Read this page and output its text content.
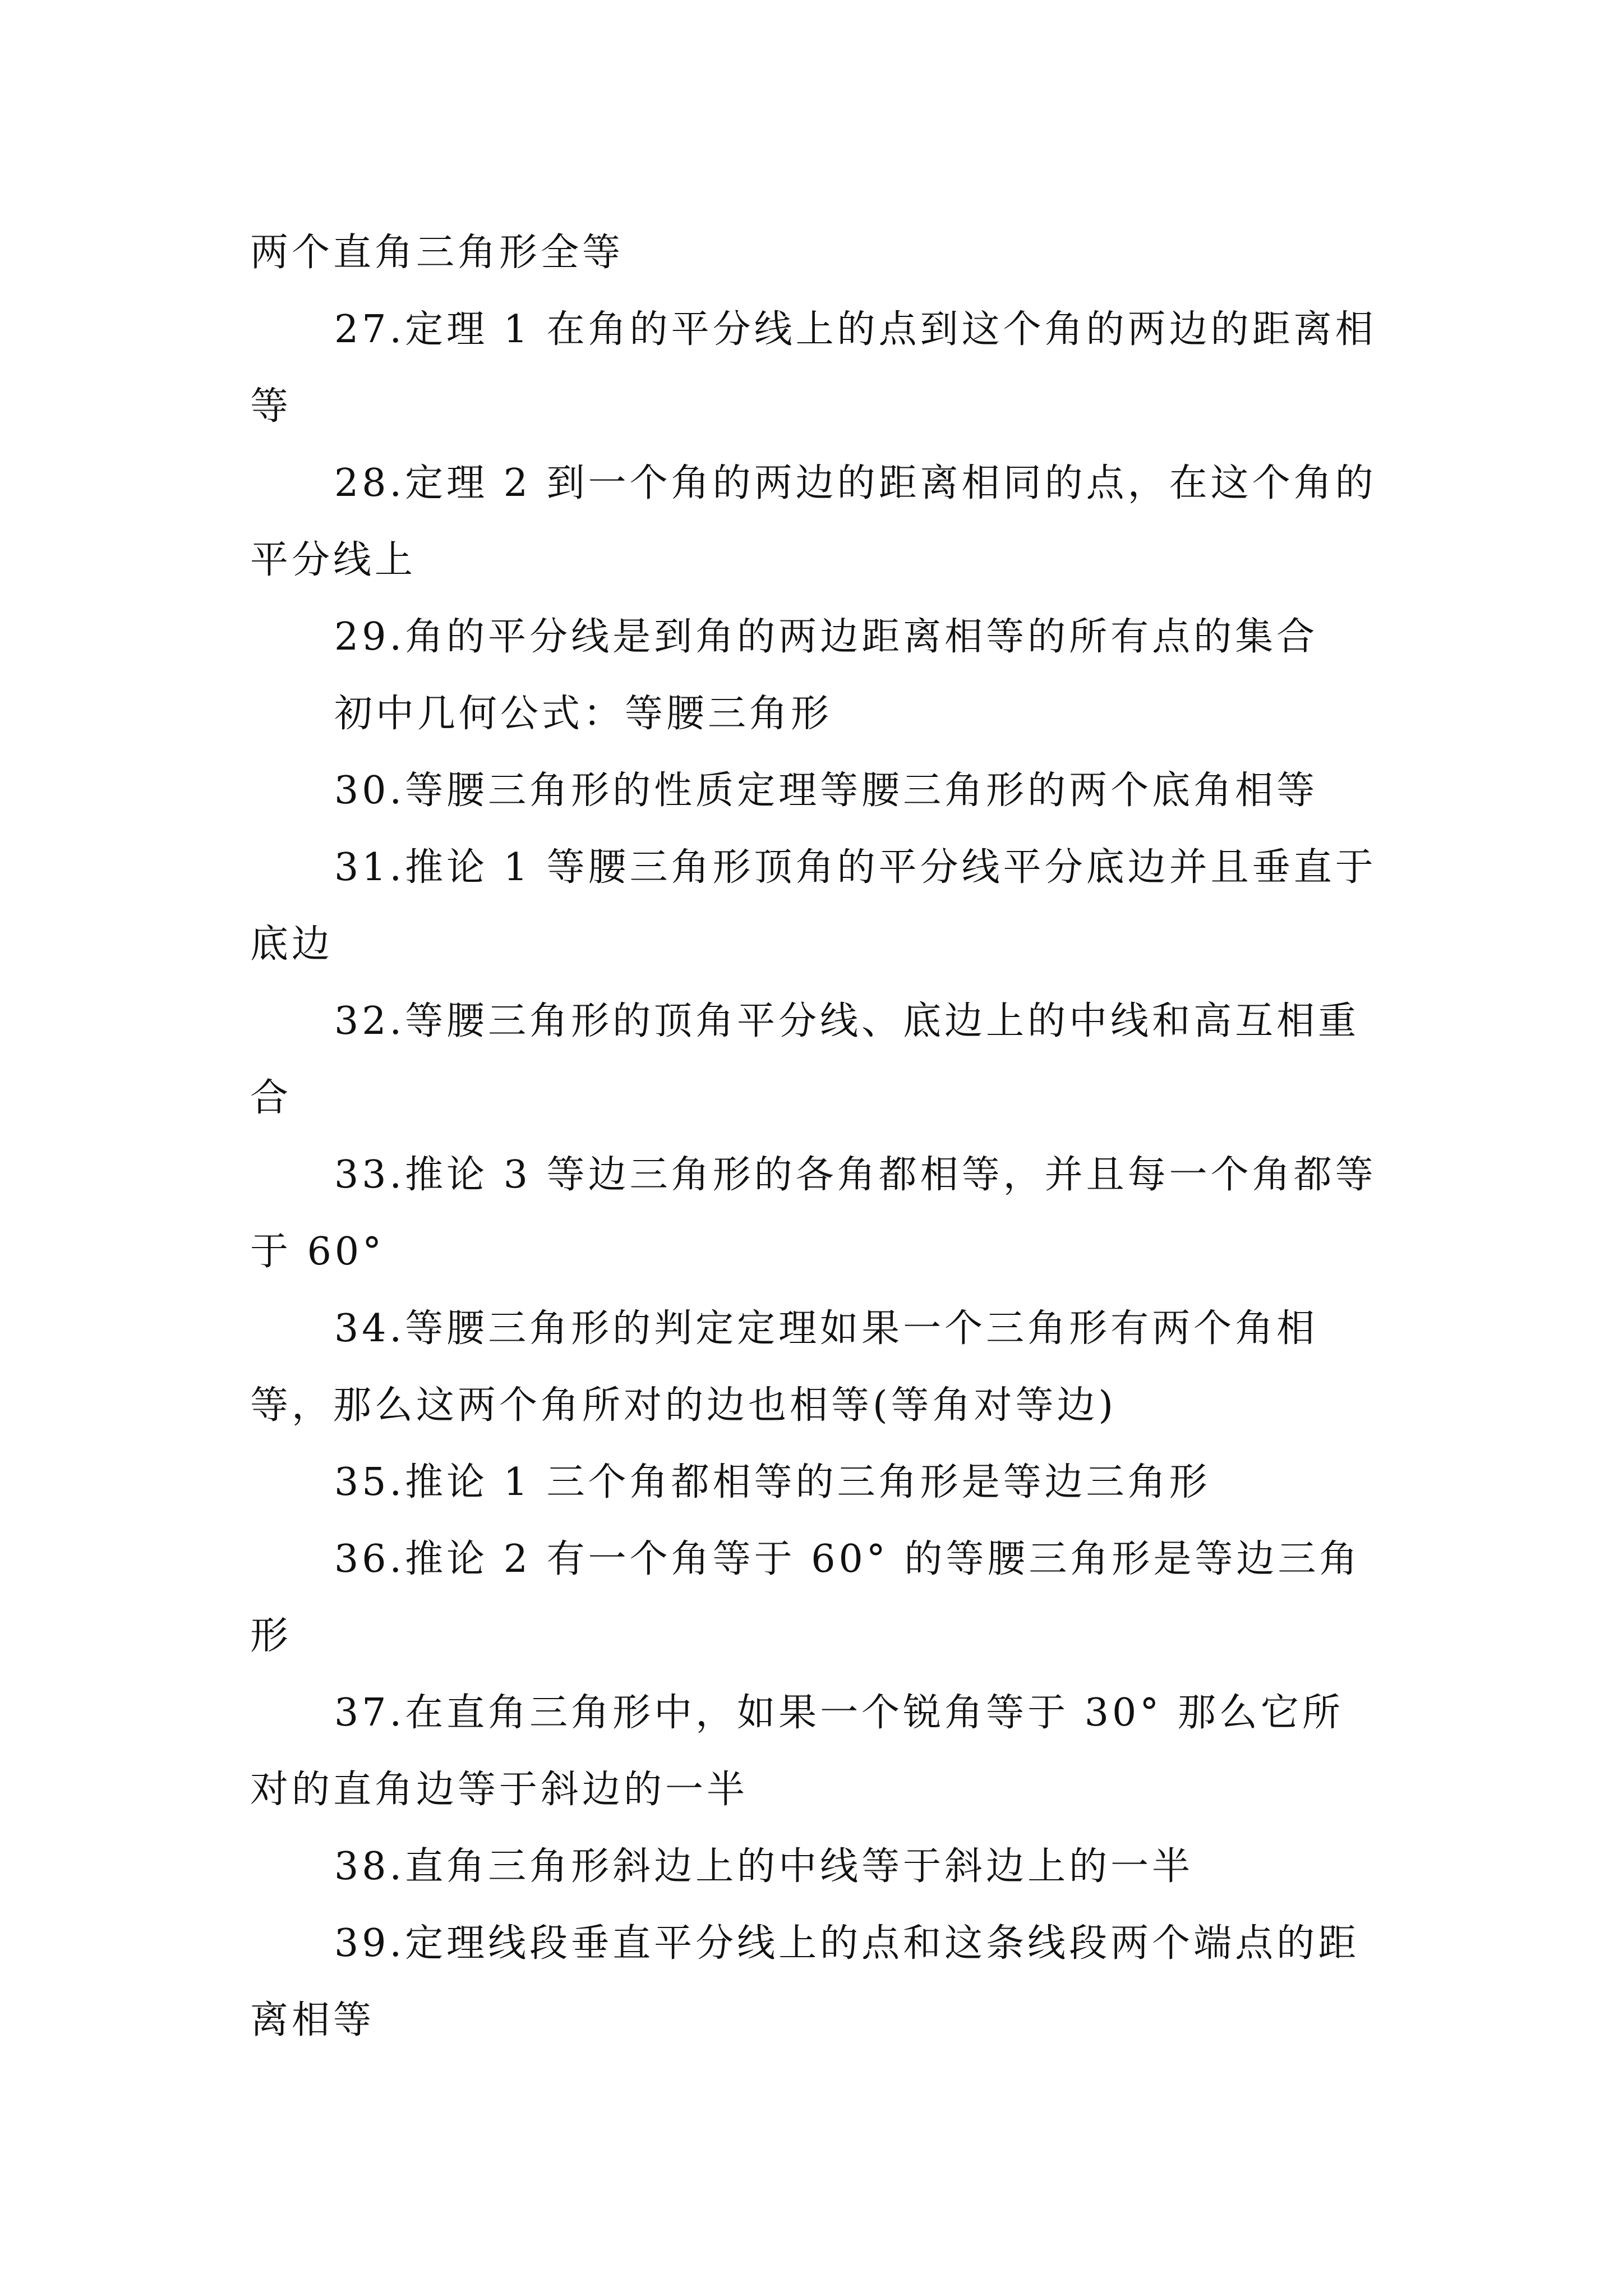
两个直角三角形全等

27.定理 1 在角的平分线上的点到这个角的两边的距离相等

28.定理 2 到一个角的两边的距离相同的点，在这个角的平分线上

29.角的平分线是到角的两边距离相等的所有点的集合

初中几何公式：等腰三角形

30.等腰三角形的性质定理等腰三角形的两个底角相等

31.推论 1 等腰三角形顶角的平分线平分底边并且垂直于底边

32.等腰三角形的顶角平分线、底边上的中线和高互相重合

33.推论 3 等边三角形的各角都相等，并且每一个角都等于 60°

34.等腰三角形的判定定理如果一个三角形有两个角相等，那么这两个角所对的边也相等(等角对等边)

35.推论 1 三个角都相等的三角形是等边三角形

36.推论 2 有一个角等于 60° 的等腰三角形是等边三角形

37.在直角三角形中，如果一个锐角等于 30° 那么它所对的直角边等于斜边的一半

38.直角三角形斜边上的中线等于斜边上的一半

39.定理线段垂直平分线上的点和这条线段两个端点的距离相等
